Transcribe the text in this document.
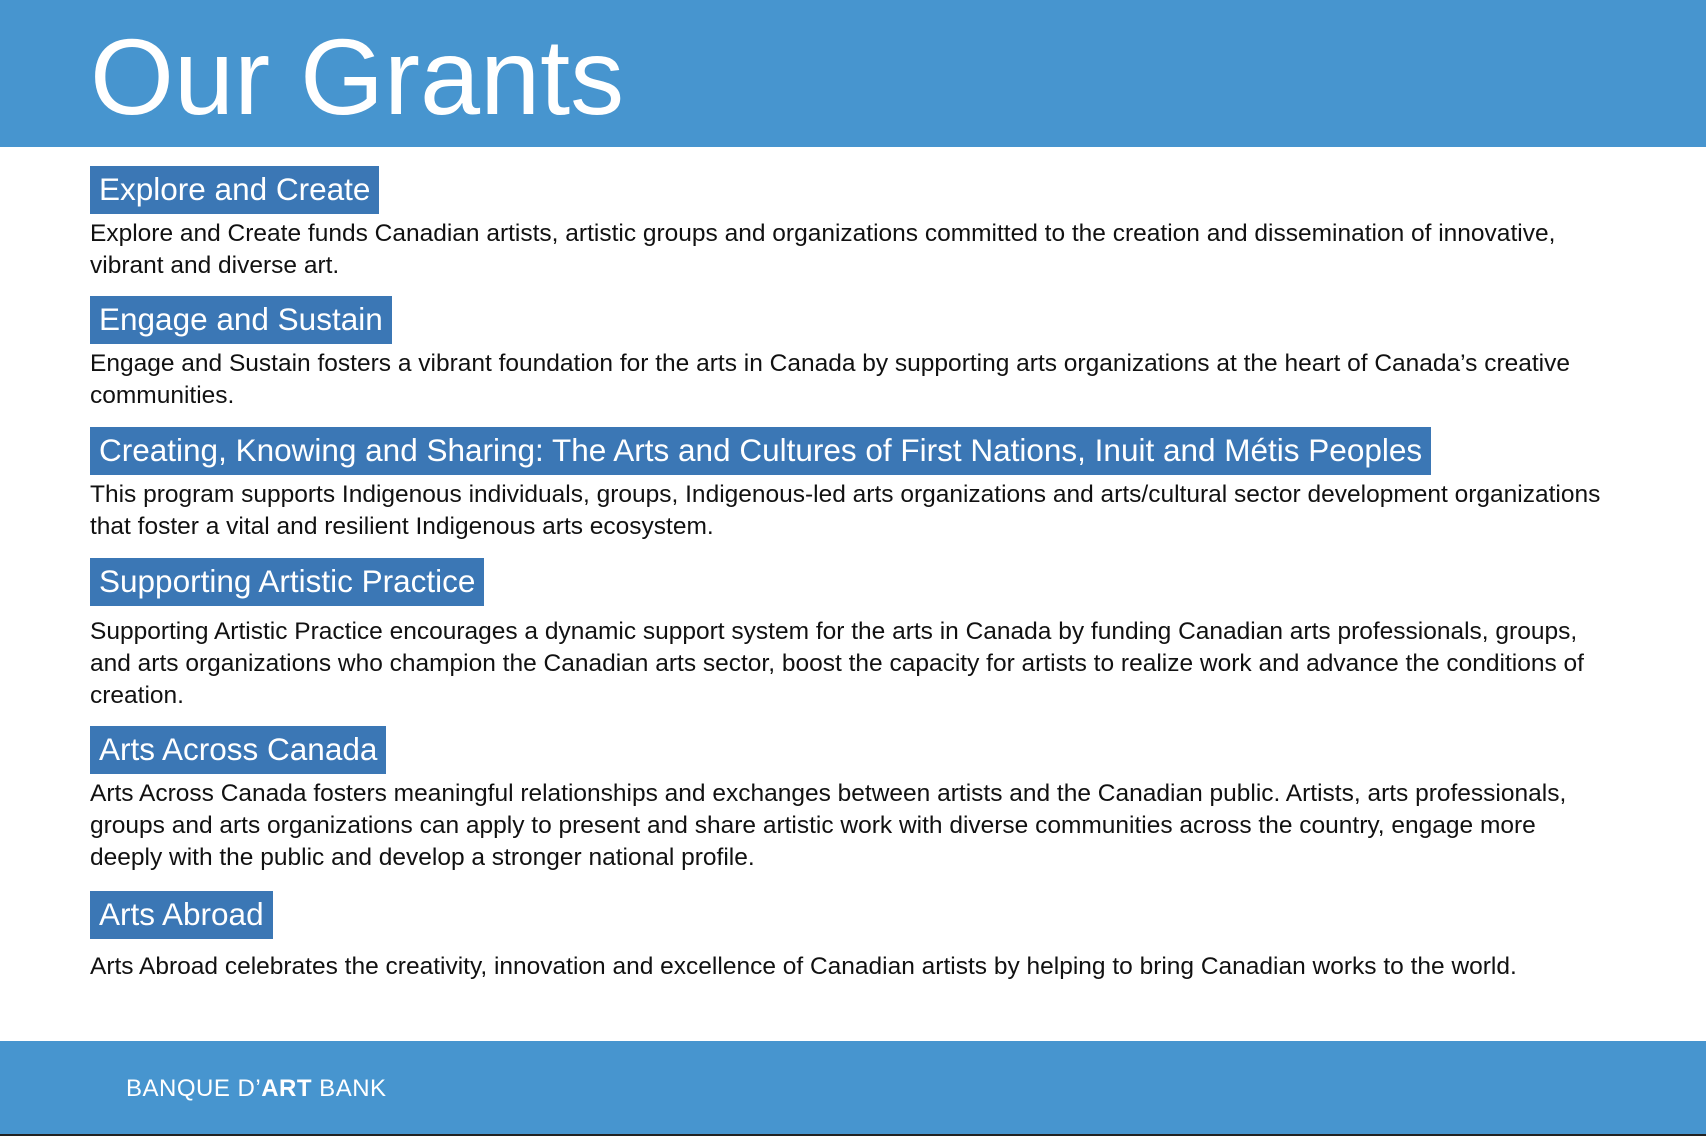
Our Grants
Explore and Create

Explore and Create funds Canadian artists, artistic groups and organizations committed to the creation and dissemination of innovative, vibrant and diverse art.

Engage and Sustain

Engage and Sustain fosters a vibrant foundation for the arts in Canada by supporting arts organizations at the heart of Canada’s creative communities.

Creating, Knowing and Sharing: The Arts and Cultures of First Nations, Inuit and Métis Peoples

This program supports Indigenous individuals, groups, Indigenous-led arts organizations and arts/cultural sector development organizations that foster a vital and resilient Indigenous arts ecosystem.

Supporting Artistic Practice

Supporting Artistic Practice encourages a dynamic support system for the arts in Canada by funding Canadian arts professionals, groups, and arts organizations who champion the Canadian arts sector, boost the capacity for artists to realize work and advance the conditions of creation.

Arts Across Canada

Arts Across Canada fosters meaningful relationships and exchanges between artists and the Canadian public. Artists, arts professionals, groups and arts organizations can apply to present and share artistic work with diverse communities across the country, engage more deeply with the public and develop a stronger national profile.

Arts Abroad

Arts Abroad celebrates the creativity, innovation and excellence of Canadian artists by helping to bring Canadian works to the world.

BANQUE D’ART BANK
